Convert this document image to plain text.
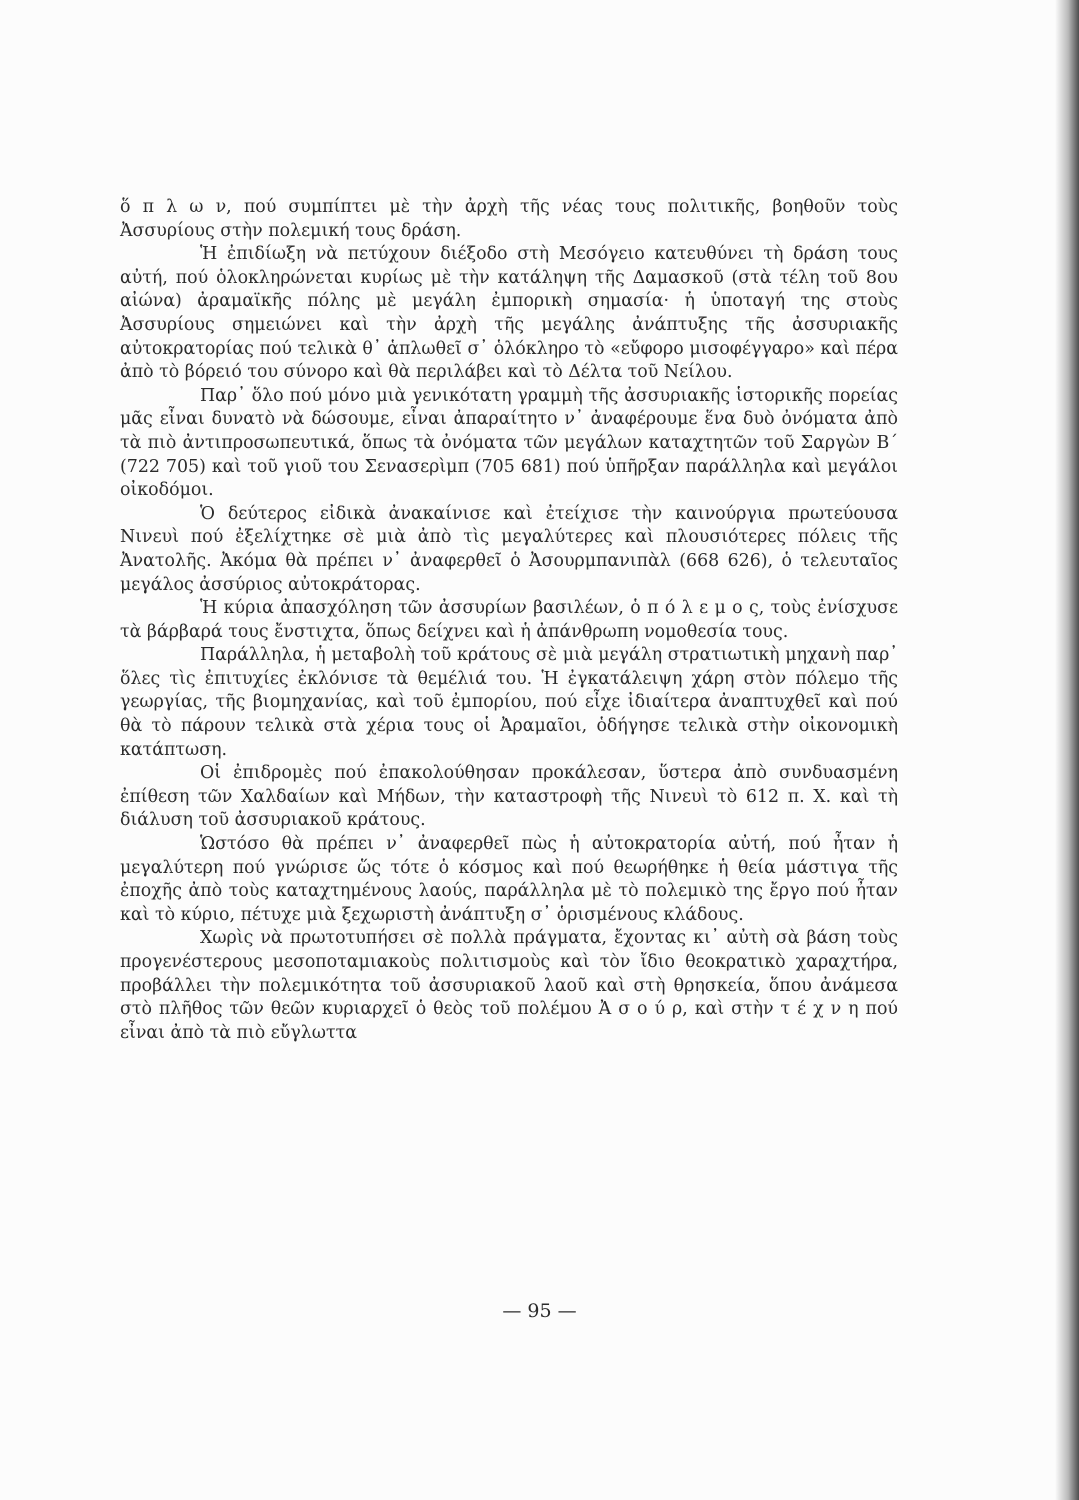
ὅ π λ ω ν, πού συμπίπτει μὲ τὴν ἀρχὴ τῆς νέας τους πολιτικῆς, βοηθοῦν τοὺς Ἀσσυρίους στὴν πολεμική τους δράση.

Ἡ ἐπιδίωξη νὰ πετύχουν διέξοδο στὴ Μεσόγειο κατευθύνει τὴ δράση τους αὐτή, πού ὁλοκληρώνεται κυρίως μὲ τὴν κατάληψη τῆς Δαμασκοῦ (στὰ τέλη τοῦ 8ου αἰώνα) ἀραμαϊκῆς πόλης μὲ μεγάλη ἐμπορικὴ σημασία· ἡ ὑποταγή της στοὺς Ἀσσυρίους σημειώνει καὶ τὴν ἀρχὴ τῆς μεγάλης ἀνάπτυξης τῆς ἀσσυριακῆς αὐτοκρατορίας πού τελικὰ θ᾽ ἁπλωθεῖ σ᾽ ὁλόκληρο τὸ «εὔφορο μισοφέγγαρο» καὶ πέρα ἀπὸ τὸ βόρειό του σύνορο καὶ θὰ περιλάβει καὶ τὸ Δέλτα τοῦ Νείλου.

Παρ᾽ ὅλο πού μόνο μιὰ γενικότατη γραμμὴ τῆς ἀσσυριακῆς ἱστορικῆς πορείας μᾶς εἶναι δυνατὸ νὰ δώσουμε, εἶναι ἀπαραίτητο ν᾽ ἀναφέρουμε ἕνα δυὸ ὀνόματα ἀπὸ τὰ πιὸ ἀντιπροσωπευτικά, ὅπως τὰ ὀνόματα τῶν μεγάλων καταχτητῶν τοῦ Σαργὼν Β΄ (722 705) καὶ τοῦ γιοῦ του Σενασερὶμπ (705 681) πού ὑπῆρξαν παράλληλα καὶ μεγάλοι οἰκοδόμοι.

Ὁ δεύτερος εἰδικὰ ἀνακαίνισε καὶ ἐτείχισε τὴν καινούργια πρωτεύουσα Νινευὶ πού ἐξελίχτηκε σὲ μιὰ ἀπὸ τὶς μεγαλύτερες καὶ πλουσιότερες πόλεις τῆς Ἀνατολῆς. Ἀκόμα θὰ πρέπει ν᾽ ἀναφερθεῖ ὁ Ἀσουρμπανιπὰλ (668 626), ὁ τελευταῖος μεγάλος ἀσσύριος αὐτοκράτορας.

Ἡ κύρια ἀπασχόληση τῶν ἀσσυρίων βασιλέων, ὁ π ό λ ε μ ο ς, τοὺς ἐνίσχυσε τὰ βάρβαρά τους ἔνστιχτα, ὅπως δείχνει καὶ ἡ ἀπάνθρωπη νομοθεσία τους.

Παράλληλα, ἡ μεταβολὴ τοῦ κράτους σὲ μιὰ μεγάλη στρατιωτικὴ μηχανὴ παρ᾽ ὅλες τὶς ἐπιτυχίες ἐκλόνισε τὰ θεμέλιά του. Ἡ ἐγκατάλειψη χάρη στὸν πόλεμο τῆς γεωργίας, τῆς βιομηχανίας, καὶ τοῦ ἐμπορίου, πού εἶχε ἰδιαίτερα ἀναπτυχθεῖ καὶ πού θὰ τὸ πάρουν τελικὰ στὰ χέρια τους οἱ Ἀραμαῖοι, ὁδήγησε τελικὰ στὴν οἰκονομικὴ κατάπτωση.

Οἱ ἐπιδρομὲς πού ἐπακολούθησαν προκάλεσαν, ὕστερα ἀπὸ συνδυασμένη ἐπίθεση τῶν Χαλδαίων καὶ Μήδων, τὴν καταστροφὴ τῆς Νινευὶ τὸ 612 π. Χ. καὶ τὴ διάλυση τοῦ ἀσσυριακοῦ κράτους.

Ὡστόσο θὰ πρέπει ν᾽ ἀναφερθεῖ πὼς ἡ αὐτοκρατορία αὐτή, πού ἦταν ἡ μεγαλύτερη πού γνώρισε ὥς τότε ὁ κόσμος καὶ πού θεωρήθηκε ἡ θεία μάστιγα τῆς ἐποχῆς ἀπὸ τοὺς καταχτημένους λαούς, παράλληλα μὲ τὸ πολεμικὸ της ἔργο πού ἦταν καὶ τὸ κύριο, πέτυχε μιὰ ξεχωριστὴ ἀνάπτυξη σ᾽ ὁρισμένους κλάδους.

Χωρὶς νὰ πρωτοτυπήσει σὲ πολλὰ πράγματα, ἔχοντας κι᾽ αὐτὴ σὰ βάση τοὺς προγενέστερους μεσοποταμιακοὺς πολιτισμοὺς καὶ τὸν ἴδιο θεοκρατικὸ χαραχτήρα, προβάλλει τὴν πολεμικότητα τοῦ ἀσσυριακοῦ λαοῦ καὶ στὴ θρησκεία, ὅπου ἀνάμεσα στὸ πλῆθος τῶν θεῶν κυριαρχεῖ ὁ θεὸς τοῦ πολέμου Ἀ σ ο ύ ρ, καὶ στὴν τ έ χ ν η πού εἶναι ἀπὸ τὰ πιὸ εὔγλωττα

— 95 —
